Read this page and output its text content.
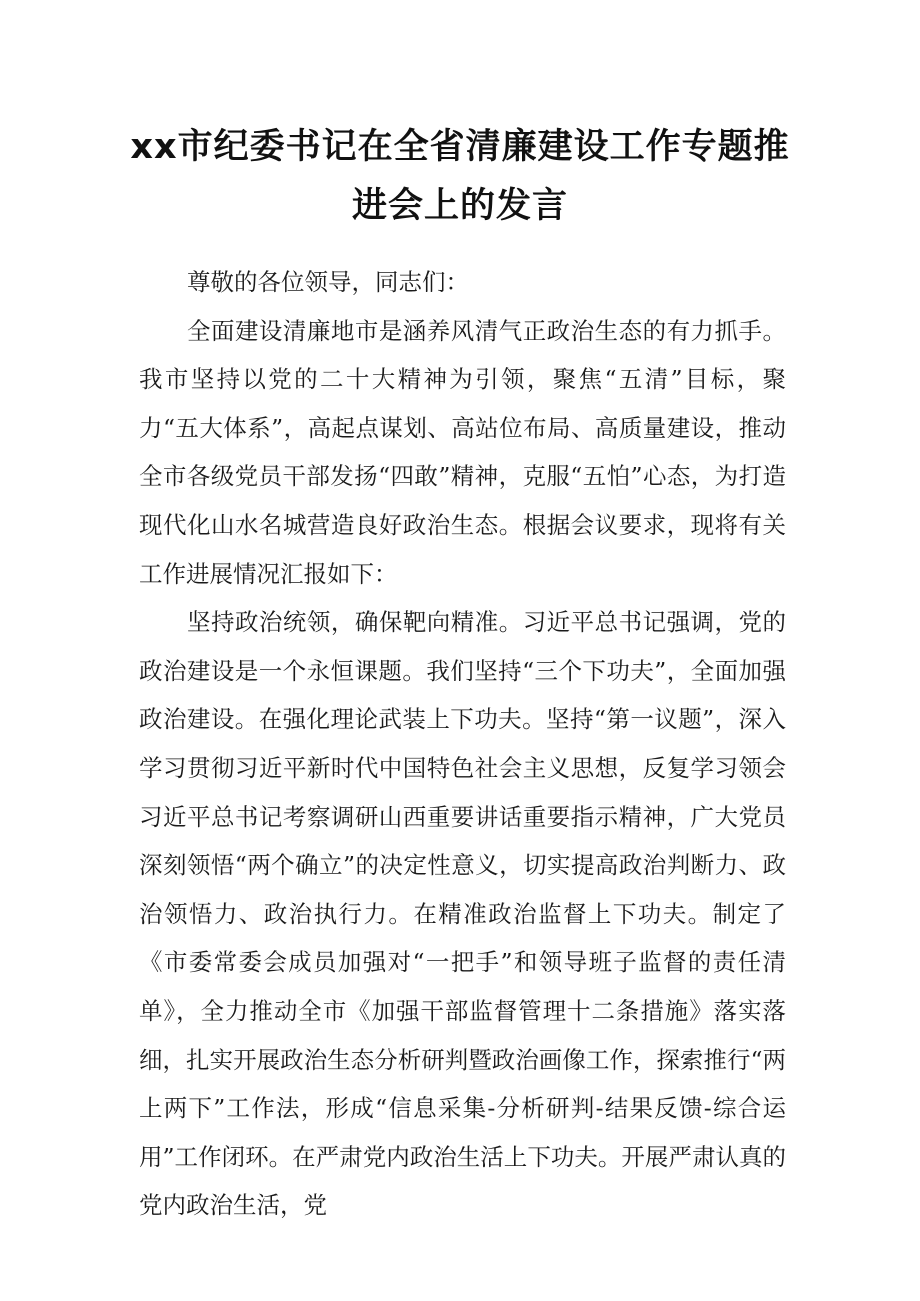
xx市纪委书记在全省清廉建设工作专题推进会上的发言

尊敬的各位领导，同志们：

全面建设清廉地市是涵养风清气正政治生态的有力抓手。我市坚持以党的二十大精神为引领，聚焦“五清”目标，聚力“五大体系”，高起点谋划、高站位布局、高质量建设，推动全市各级党员干部发扬“四敢”精神，克服“五怕”心态，为打造现代化山水名城营造良好政治生态。根据会议要求，现将有关工作进展情况汇报如下：

坚持政治统领，确保靶向精准。习近平总书记强调，党的政治建设是一个永恒课题。我们坚持“三个下功夫”，全面加强政治建设。在强化理论武装上下功夫。坚持“第一议题”，深入学习贯彻习近平新时代中国特色社会主义思想，反复学习领会习近平总书记考察调研山西重要讲话重要指示精神，广大党员深刻领悟“两个确立”的决定性意义，切实提高政治判断力、政治领悟力、政治执行力。在精准政治监督上下功夫。制定了《市委常委会成员加强对“一把手”和领导班子监督的责任清单》，全力推动全市《加强干部监督管理十二条措施》落实落细，扎实开展政治生态分析研判暨政治画像工作，探索推行“两上两下”工作法，形成“信息采集-分析研判-结果反馈-综合运用”工作闭环。在严肃党内政治生活上下功夫。开展严肃认真的党内政治生活，党
